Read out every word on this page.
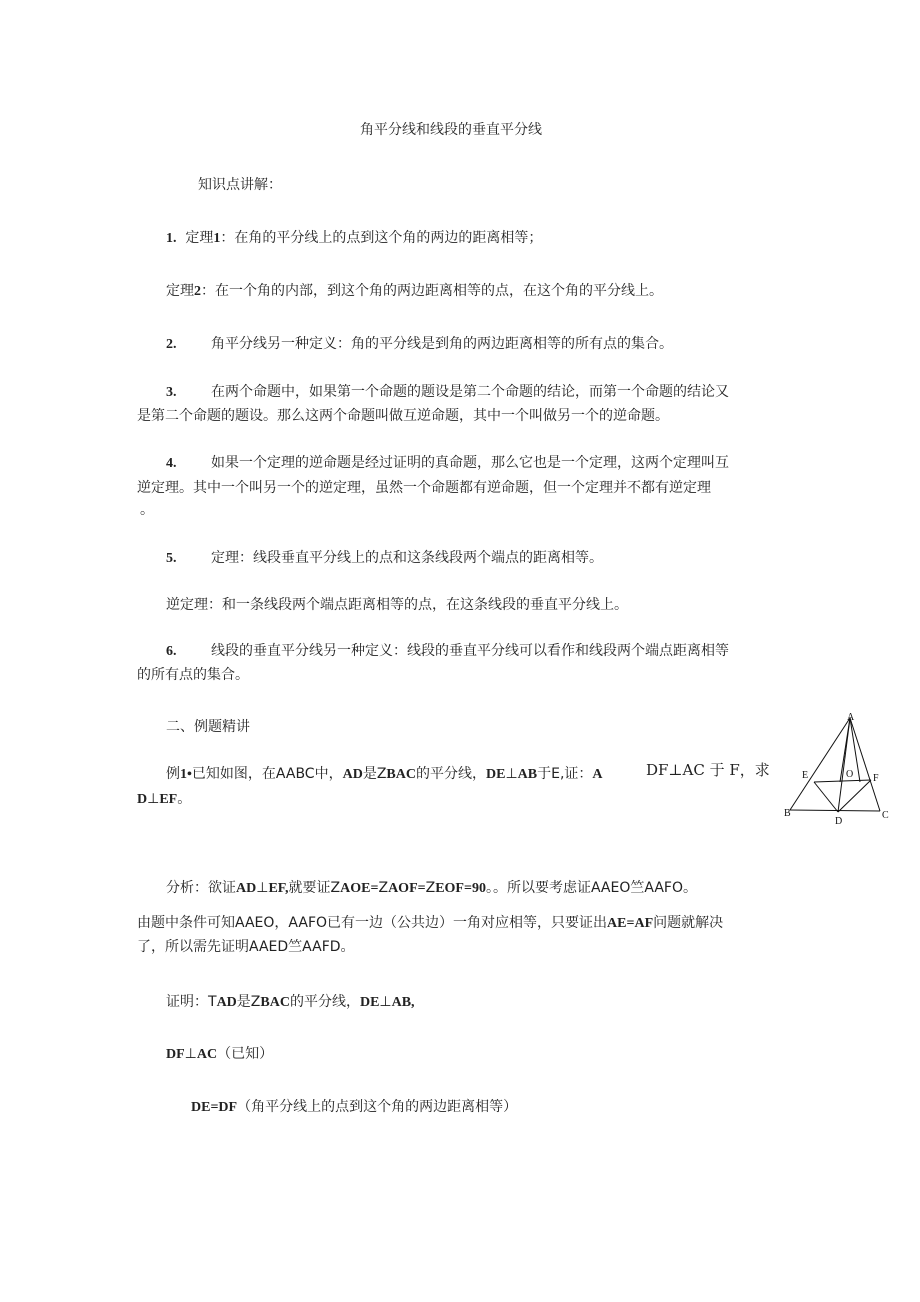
角平分线和线段的垂直平分线
知识点讲解：
1. 定理1：在角的平分线上的点到这个角的两边的距离相等；
定理2：在一个角的内部，到这个角的两边距离相等的点，在这个角的平分线上。
2. 角平分线另一种定义：角的平分线是到角的两边距离相等的所有点的集合。
3. 在两个命题中，如果第一个命题的题设是第二个命题的结论，而第一个命题的结论又
是第二个命题的题设。那么这两个命题叫做互逆命题，其中一个叫做另一个的逆命题。
4. 如果一个定理的逆命题是经过证明的真命题，那么它也是一个定理，这两个定理叫互
逆定理。其中一个叫另一个的逆定理，虽然一个命题都有逆命题，但一个定理并不都有逆定理
。
5. 定理：线段垂直平分线上的点和这条线段两个端点的距离相等。
逆定理：和一条线段两个端点距离相等的点，在这条线段的垂直平分线上。
6. 线段的垂直平分线另一种定义：线段的垂直平分线可以看作和线段两个端点距离相等
的所有点的集合。
二、例题精讲
例1•已知如图，在AABC中，AD是ZBAC的平分线，DE⊥AB于E,证：A	DF⊥AC 于 F，求
D⊥EF。
A
E	O F
B
D
C
分析：欲证AD⊥EF,就要证ZAOE=ZAOF=ZEOF=90。。所以要考虑证AAEO竺AAFO。
由题中条件可知AAEO，AAFO已有一边（公共边）一角对应相等，只要证出AE=AF问题就解决
了，所以需先证明AAED竺AAFD。
证明：TAD是ZBAC的平分线，DE⊥AB,
DF⊥AC（已知）
DE=DF（角平分线上的点到这个角的两边距离相等）
